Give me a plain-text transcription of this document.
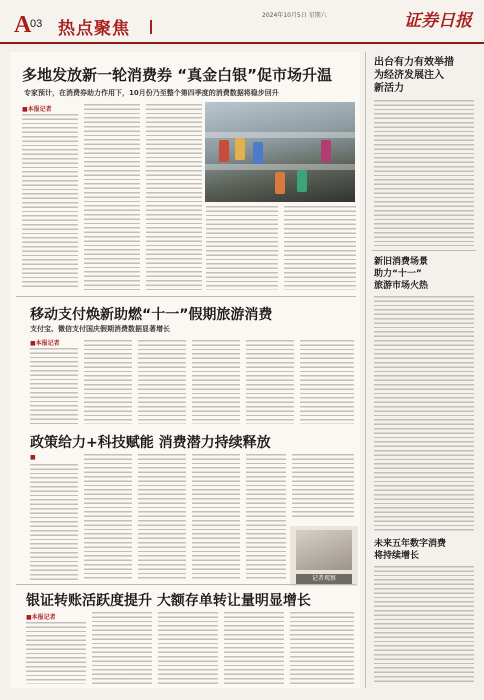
A
03 热点聚焦
2024年10月5日 星期六	证券日报
多地发放新一轮消费券 “真金白银”促市场升温
专家预计，在消费券助力作用下，10月份乃至整个第四季度的消费数据将稳步回升
■本报记者
移动支付焕新助燃“十一”假期旅游消费
支付宝、微信支付国庆假期消费数据显著增长
■本报记者
政策给力+科技赋能 消费潜力持续释放
■
记者观察
银证转账活跃度提升 大额存单转让量明显增长
■本报记者
出台有力有效举措
为经济发展注入
新活力
新旧消费场景
助力“十一”
旅游市场火热
未来五年数字消费
将持续增长
